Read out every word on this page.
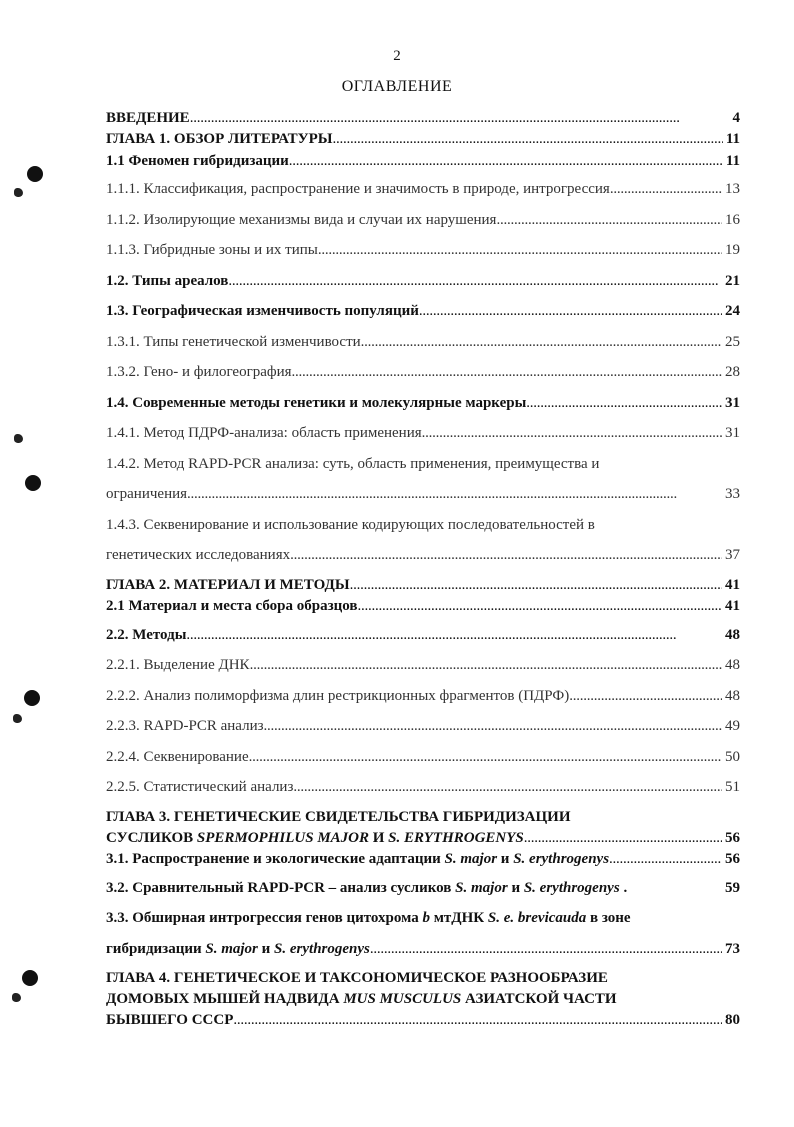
2
ОГЛАВЛЕНИЕ
ВВЕДЕНИЕ . . .	4
ГЛАВА 1. ОБЗОР ЛИТЕРАТУРЫ . . .	11
1.1 Феномен гибридизации . . .	11
1.1.1. Классификация, распространение и значимость в природе, интрогрессия . . .	13
1.1.2. Изолирующие механизмы вида и случаи их нарушения . . .	16
1.1.3. Гибридные зоны и их типы . . .	19
1.2. Типы ареалов . . .	21
1.3. Географическая изменчивость популяций . . .	24
1.3.1. Типы генетической изменчивости . . .	25
1.3.2. Гено- и филогеография . . .	28
1.4. Современные методы генетики и молекулярные маркеры . . .	31
1.4.1. Метод ПДРФ-анализа: область применения . . .	31
1.4.2. Метод RAPD-PCR анализа: суть, область применения, преимущества и
ограничения . . .	33
1.4.3. Секвенирование и использование кодирующих последовательностей в
генетических исследованиях . . .	37
ГЛАВА 2. МАТЕРИАЛ И МЕТОДЫ . . .	41
2.1 Материал и места сбора образцов . . .	41
2.2. Методы . . .	48
2.2.1. Выделение ДНК . . .	48
2.2.2. Анализ полиморфизма длин рестрикционных фрагментов (ПДРФ) . . .	48
2.2.3. RAPD-PCR анализ . . .	49
2.2.4. Секвенирование . . .	50
2.2.5. Статистический анализ . . .	51
ГЛАВА 3. ГЕНЕТИЧЕСКИЕ СВИДЕТЕЛЬСТВА ГИБРИДИЗАЦИИ
СУСЛИКОВ SPERMOPHILUS MAJOR И S. ERYTHROGENYS . . .	56
3.1. Распространение и экологические адаптации S. major и S. erythrogenys . . .	56
3.2. Сравнительный RAPD-PCR – анализ сусликов S. major и S. erythrogenys .	59
3.3. Обширная интрогрессия генов цитохрома b мтДНК S. e. brevicauda в зоне
гибридизации S. major и S. erythrogenys . . .	73
ГЛАВА 4. ГЕНЕТИЧЕСКОЕ И ТАКСОНОМИЧЕСКОЕ РАЗНООБРАЗИЕ
ДОМОВЫХ МЫШЕЙ НАДВИДА MUS MUSCULUS АЗИАТСКОЙ ЧАСТИ
БЫВШЕГО СССР . . .	80
